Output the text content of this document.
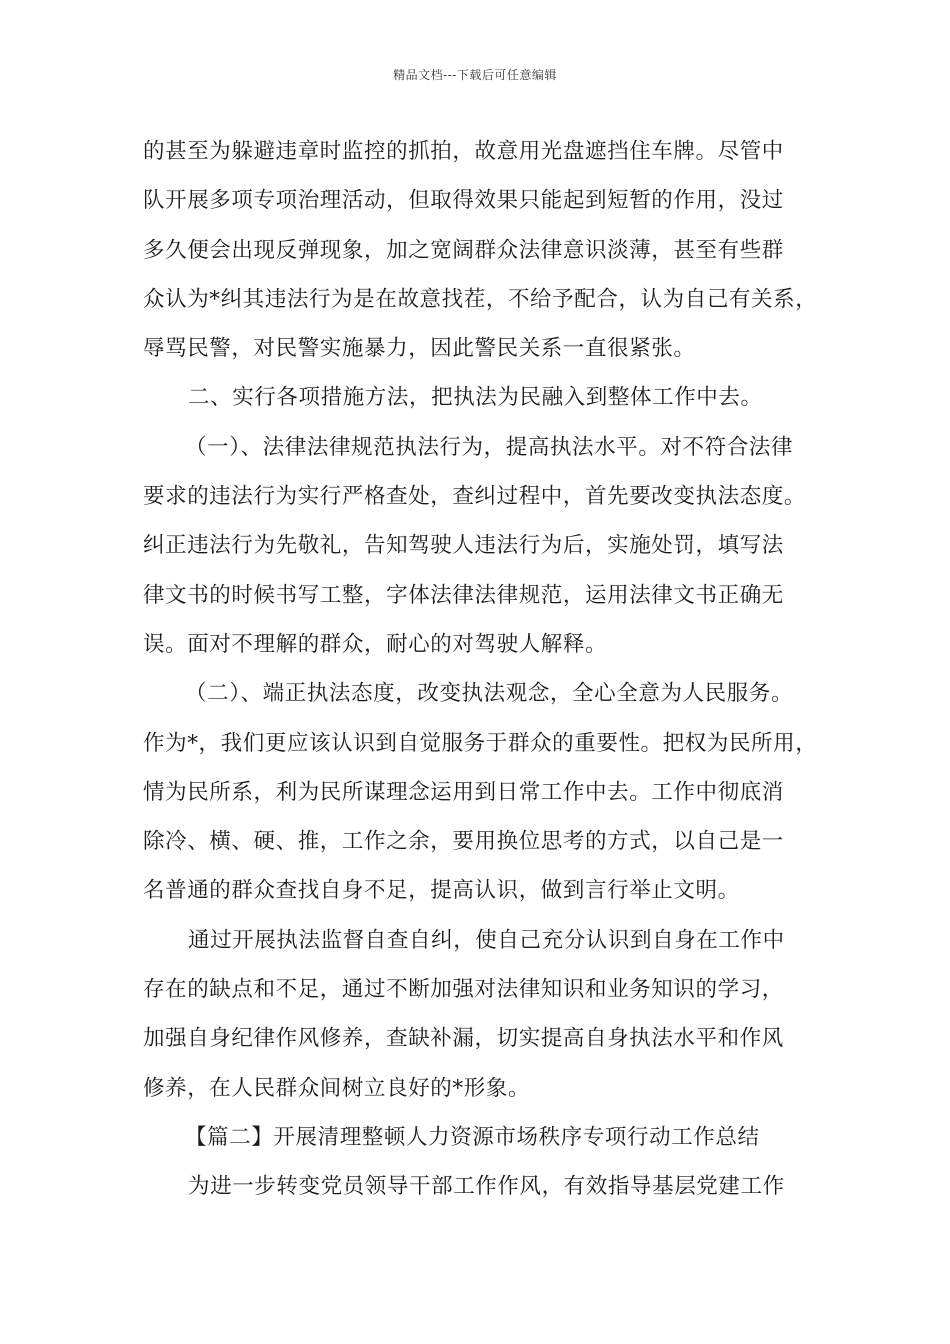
精品文档---下载后可任意编辑
的甚至为躲避违章时监控的抓拍，故意用光盘遮挡住车牌。尽管中
队开展多项专项治理活动，但取得效果只能起到短暂的作用，没过
多久便会出现反弹现象，加之宽阔群众法律意识淡薄，甚至有些群
众认为*纠其违法行为是在故意找茬，不给予配合，认为自己有关系，
辱骂民警，对民警实施暴力，因此警民关系一直很紧张。
二、实行各项措施方法，把执法为民融入到整体工作中去。
（一）、法律法律规范执法行为，提高执法水平。对不符合法律
要求的违法行为实行严格查处，查纠过程中，首先要改变执法态度。
纠正违法行为先敬礼，告知驾驶人违法行为后，实施处罚，填写法
律文书的时候书写工整，字体法律法律规范，运用法律文书正确无
误。面对不理解的群众，耐心的对驾驶人解释。
（二）、端正执法态度，改变执法观念，全心全意为人民服务。
作为*，我们更应该认识到自觉服务于群众的重要性。把权为民所用，
情为民所系，利为民所谋理念运用到日常工作中去。工作中彻底消
除冷、横、硬、推，工作之余，要用换位思考的方式，以自己是一
名普通的群众查找自身不足，提高认识，做到言行举止文明。
通过开展执法监督自查自纠，使自己充分认识到自身在工作中
存在的缺点和不足，通过不断加强对法律知识和业务知识的学习，
加强自身纪律作风修养，查缺补漏，切实提高自身执法水平和作风
修养，在人民群众间树立良好的*形象。
【篇二】开展清理整顿人力资源市场秩序专项行动工作总结
为进一步转变党员领导干部工作作风，有效指导基层党建工作
